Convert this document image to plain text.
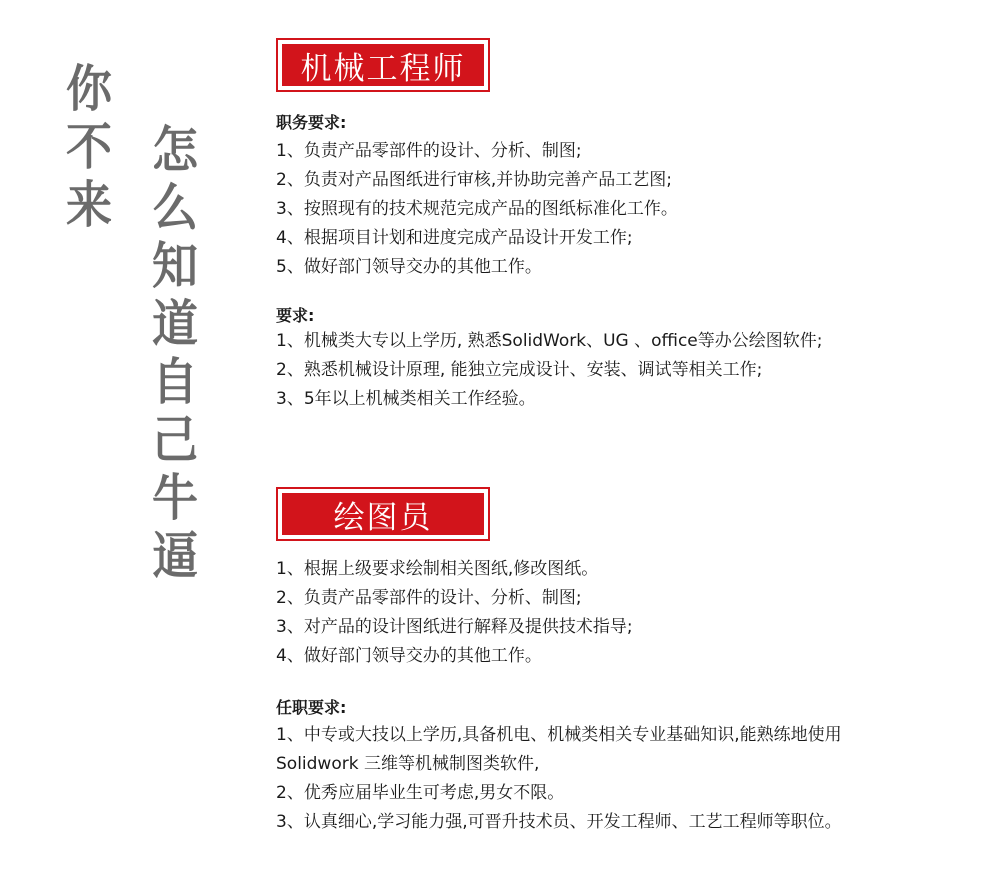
你
不
来
怎
么
知
道
自
己
牛
逼
机械工程师
职务要求:
1、负责产品零部件的设计、分析、制图;
2、负责对产品图纸进行审核,并协助完善产品工艺图;
3、按照现有的技术规范完成产品的图纸标准化工作。
4、根据项目计划和进度完成产品设计开发工作;
5、做好部门领导交办的其他工作。
要求:
1、机械类大专以上学历, 熟悉SolidWork、UG 、office等办公绘图软件;
2、熟悉机械设计原理, 能独立完成设计、安装、调试等相关工作;
3、5年以上机械类相关工作经验。
绘图员
1、根据上级要求绘制相关图纸,修改图纸。
2、负责产品零部件的设计、分析、制图;
3、对产品的设计图纸进行解释及提供技术指导;
4、做好部门领导交办的其他工作。
任职要求:
1、中专或大技以上学历,具备机电、机械类相关专业基础知识,能熟练地使用Solidwork 三维等机械制图类软件,
2、优秀应届毕业生可考虑,男女不限。
3、认真细心,学习能力强,可晋升技术员、开发工程师、工艺工程师等职位。
